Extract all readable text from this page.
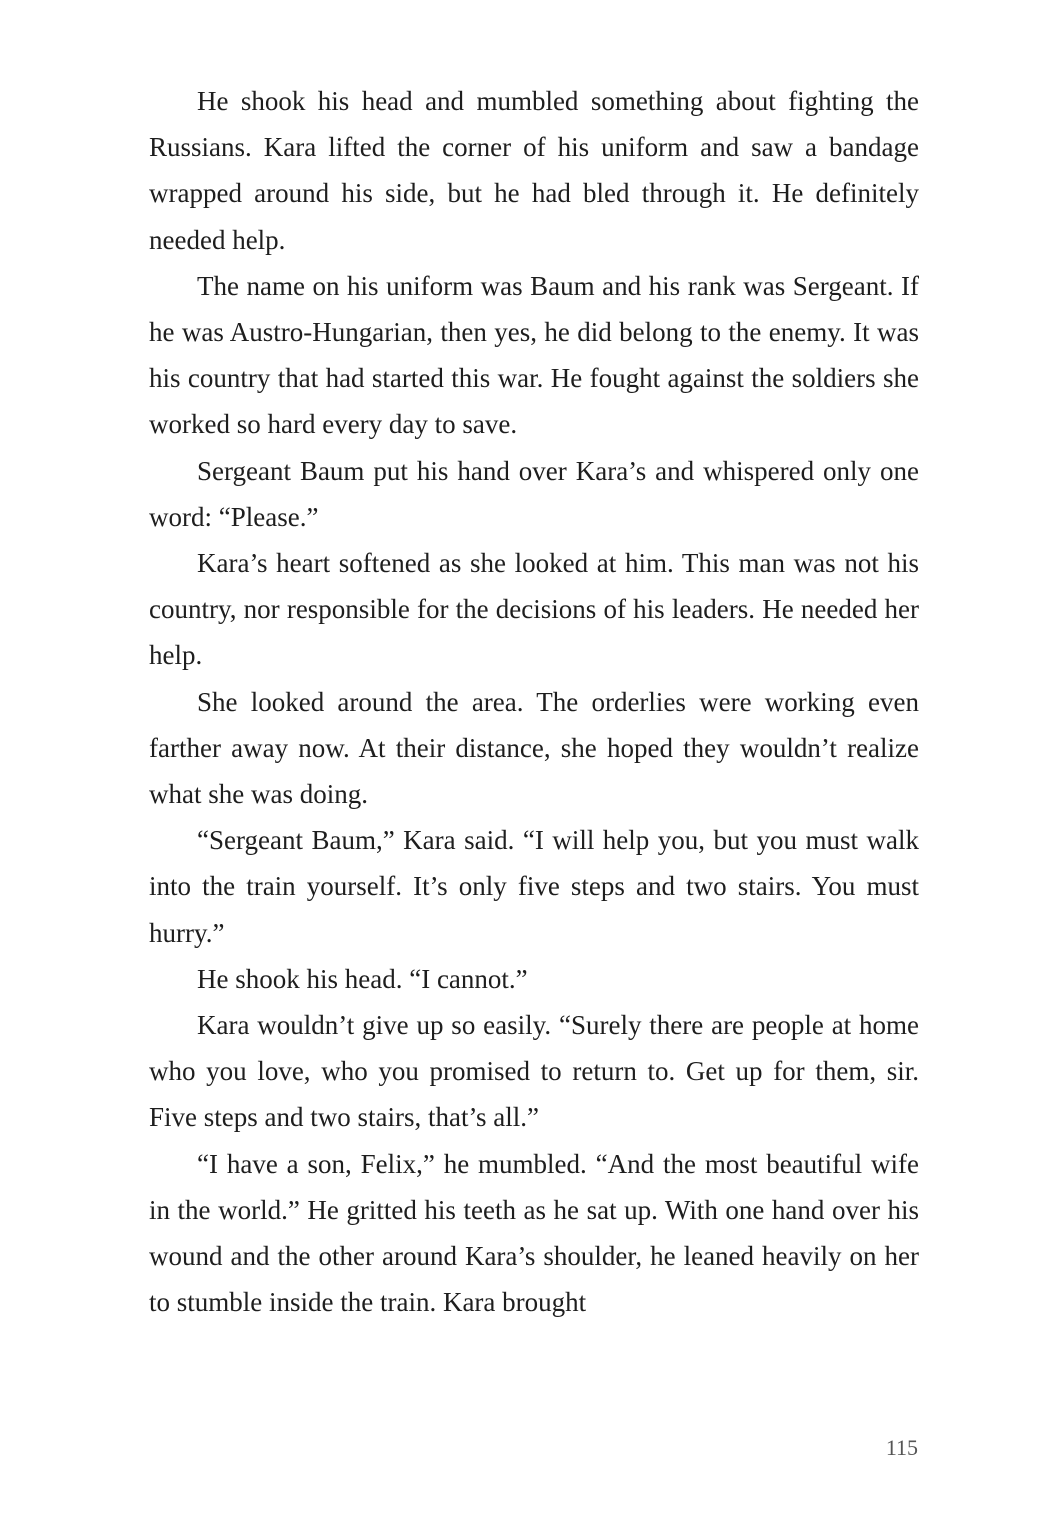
He shook his head and mumbled something about fighting the Russians. Kara lifted the corner of his uniform and saw a bandage wrapped around his side, but he had bled through it. He definitely needed help.

The name on his uniform was Baum and his rank was Sergeant. If he was Austro-Hungarian, then yes, he did belong to the enemy. It was his country that had started this war. He fought against the soldiers she worked so hard every day to save.

Sergeant Baum put his hand over Kara’s and whispered only one word: “Please.”

Kara’s heart softened as she looked at him. This man was not his country, nor responsible for the decisions of his leaders. He needed her help.

She looked around the area. The orderlies were working even farther away now. At their distance, she hoped they wouldn’t realize what she was doing.

“Sergeant Baum,” Kara said. “I will help you, but you must walk into the train yourself. It’s only five steps and two stairs. You must hurry.”

He shook his head. “I cannot.”

Kara wouldn’t give up so easily. “Surely there are people at home who you love, who you promised to return to. Get up for them, sir. Five steps and two stairs, that’s all.”

“I have a son, Felix,” he mumbled. “And the most beautiful wife in the world.” He gritted his teeth as he sat up. With one hand over his wound and the other around Kara’s shoulder, he leaned heavily on her to stumble inside the train. Kara brought

115
